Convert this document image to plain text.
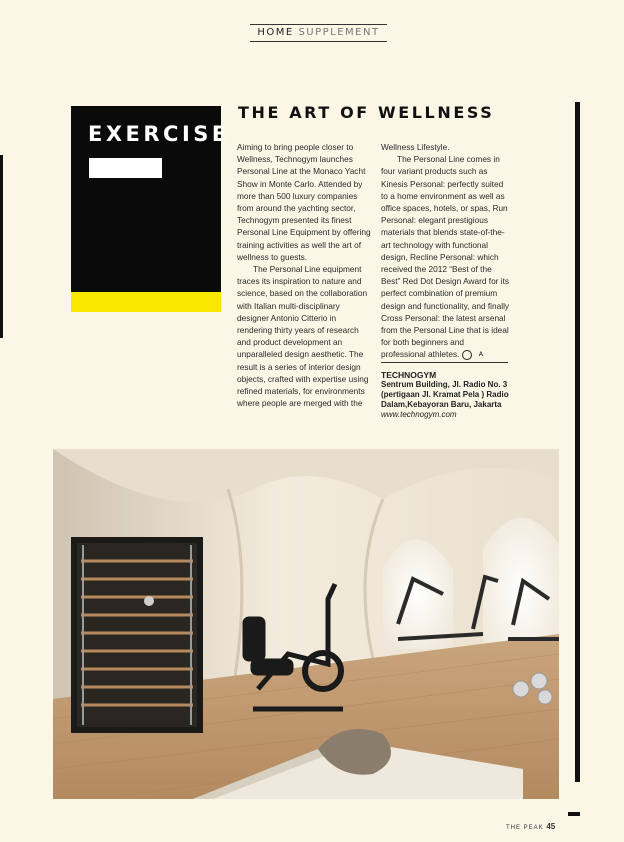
HOME SUPPLEMENT
EXERCISE
THE ART OF WELLNESS

Aiming to bring people closer to Wellness, Technogym launches Personal Line at the Monaco Yacht Show in Monte Carlo. Attended by more than 500 luxury companies from around the yachting sector, Technogym presented its finest Personal Line Equipment by offering training activities as well the art of wellness to guests.

The Personal Line equipment traces its inspiration to nature and science, based on the collaboration with Italian multi-disciplinary designer Antonio Citterio in rendering thirty years of research and product development an unparalleled design aesthetic. The result is a series of interior design objects, crafted with expertise using refined materials, for environments where people are merged with the

Wellness Lifestyle.

The Personal Line comes in four variant products such as Kinesis Personal: perfectly suited to a home environment as well as office spaces, hotels, or spas, Run Personal: elegant prestigious materials that blends state-of-the-art technology with functional design, Recline Personal: which received the 2012 “Best of the Best” Red Dot Design Award for its perfect combination of premium design and functionality, and finally Cross Personal: the latest arsenal from the Personal Line that is ideal for both beginners and professional athletes.	A

TECHNOGYM
Sentrum Building, Jl. Radio No. 3 (pertigaan Jl. Kramat Pela ) Radio Dalam,Kebayoran Baru, Jakarta
www.technogym.com
THE PEAK 45
